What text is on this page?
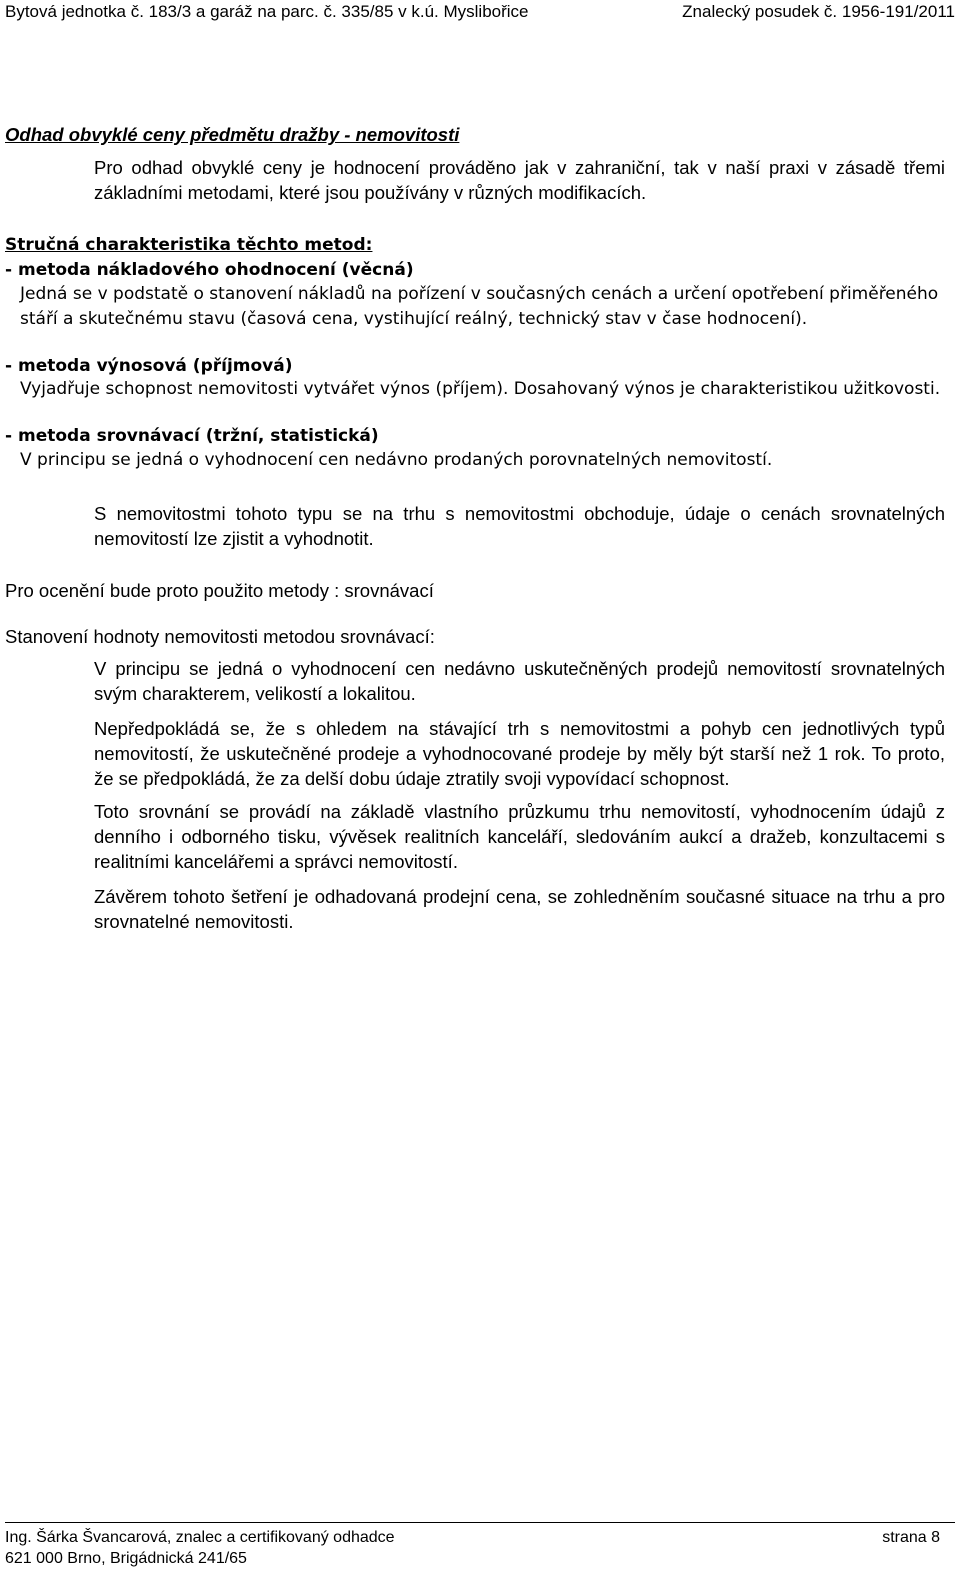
Bytová jednotka č. 183/3 a garáž na parc. č. 335/85 v k.ú. Myslibořice	Znalecký posudek č. 1956-191/2011

Odhad obvyklé ceny předmětu dražby - nemovitosti

Pro odhad obvyklé ceny je hodnocení prováděno jak v zahraniční, tak v naší praxi v zásadě třemi základními metodami, které jsou používány v různých modifikacích.

Stručná charakteristika těchto metod:

- metoda nákladového ohodnocení (věcná)

Jedná se v podstatě o stanovení nákladů na pořízení v současných cenách a určení opotřebení přiměřeného stáří a skutečnému stavu (časová cena, vystihující reálný, technický stav v čase hodnocení).

- metoda výnosová (příjmová)

Vyjadřuje schopnost nemovitosti vytvářet výnos (příjem). Dosahovaný výnos je charakteristikou užitkovosti.

- metoda srovnávací (tržní, statistická)

V principu se jedná o vyhodnocení cen nedávno prodaných porovnatelných nemovitostí.

S nemovitostmi tohoto typu se na trhu s nemovitostmi obchoduje, údaje o cenách srovnatelných nemovitostí lze zjistit a vyhodnotit.

Pro ocenění bude proto použito metody : srovnávací

Stanovení hodnoty nemovitosti metodou srovnávací:

V principu se jedná o vyhodnocení cen nedávno uskutečněných prodejů nemovitostí srovnatelných svým charakterem, velikostí a lokalitou.

Nepředpokládá se, že s ohledem na stávající trh s nemovitostmi a pohyb cen jednotlivých typů nemovitostí, že uskutečněné prodeje a vyhodnocované prodeje by měly být starší než 1 rok. To proto, že se předpokládá, že za delší dobu údaje ztratily svoji vypovídací schopnost.

Toto srovnání se provádí na základě vlastního průzkumu trhu nemovitostí, vyhodnocením údajů z denního i odborného tisku, vývěsek realitních kanceláří, sledováním aukcí a dražeb, konzultacemi s realitními kancelářemi a správci nemovitostí.

Závěrem tohoto šetření je odhadovaná prodejní cena, se zohledněním současné situace na trhu a pro srovnatelné nemovitosti.

Ing. Šárka Švancarová, znalec a certifikovaný odhadce	strana 8
621 000 Brno, Brigádnická 241/65
